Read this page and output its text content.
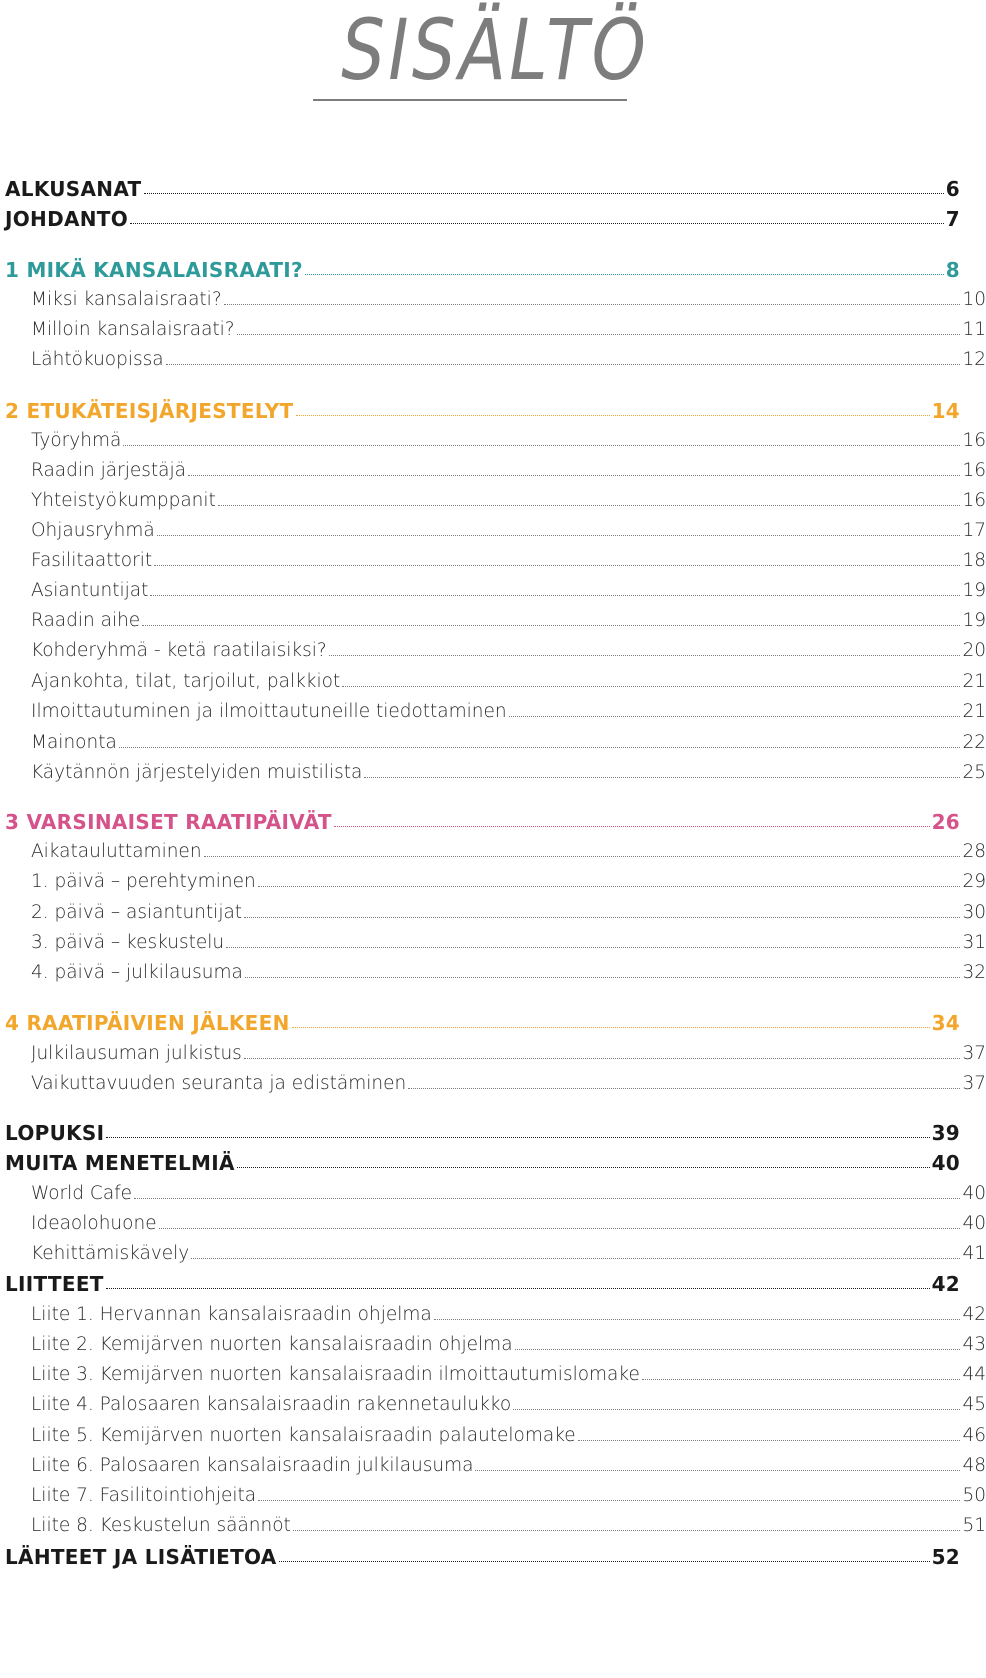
SISÄLTÖ
ALKUSANAT	6
JOHDANTO	7
1 MIKÄ KANSALAISRAATI?	8
Miksi kansalaisraati?	10
Milloin kansalaisraati?	11
Lähtökuopissa	12
2 ETUKÄTEISJÄRJESTELYT	14
Työryhmä	16
Raadin järjestäjä	16
Yhteistyökumppanit	16
Ohjausryhmä	17
Fasilitaattorit	18
Asiantuntijat	19
Raadin aihe	19
Kohderyhmä - ketä raatilaisiksi?	20
Ajankohta, tilat, tarjoilut, palkkiot	21
Ilmoittautuminen ja ilmoittautuneille tiedottaminen	21
Mainonta	22
Käytännön järjestelyiden muistilista	25
3 VARSINAISET RAATIPÄIVÄT	26
Aikatauluttaminen	28
1. päivä – perehtyminen	29
2. päivä – asiantuntijat	30
3. päivä – keskustelu	31
4. päivä – julkilausuma	32
4 RAATIPÄIVIEN JÄLKEEN	34
Julkilausuman julkistus	37
Vaikuttavuuden seuranta ja edistäminen	37
LOPUKSI	39
MUITA MENETELMIÄ	40
World Cafe	40
Ideaolohuone	40
Kehittämiskävely	41
LIITTEET	42
Liite 1. Hervannan kansalaisraadin ohjelma	42
Liite 2. Kemijärven nuorten kansalaisraadin ohjelma	43
Liite 3. Kemijärven nuorten kansalaisraadin ilmoittautumislomake	44
Liite 4. Palosaaren kansalaisraadin rakennetaulukko	45
Liite 5. Kemijärven nuorten kansalaisraadin palautelomake	46
Liite 6. Palosaaren kansalaisraadin julkilausuma	48
Liite 7. Fasilitointiohjeita	50
Liite 8. Keskustelun säännöt	51
LÄHTEET JA LISÄTIETOA	52
